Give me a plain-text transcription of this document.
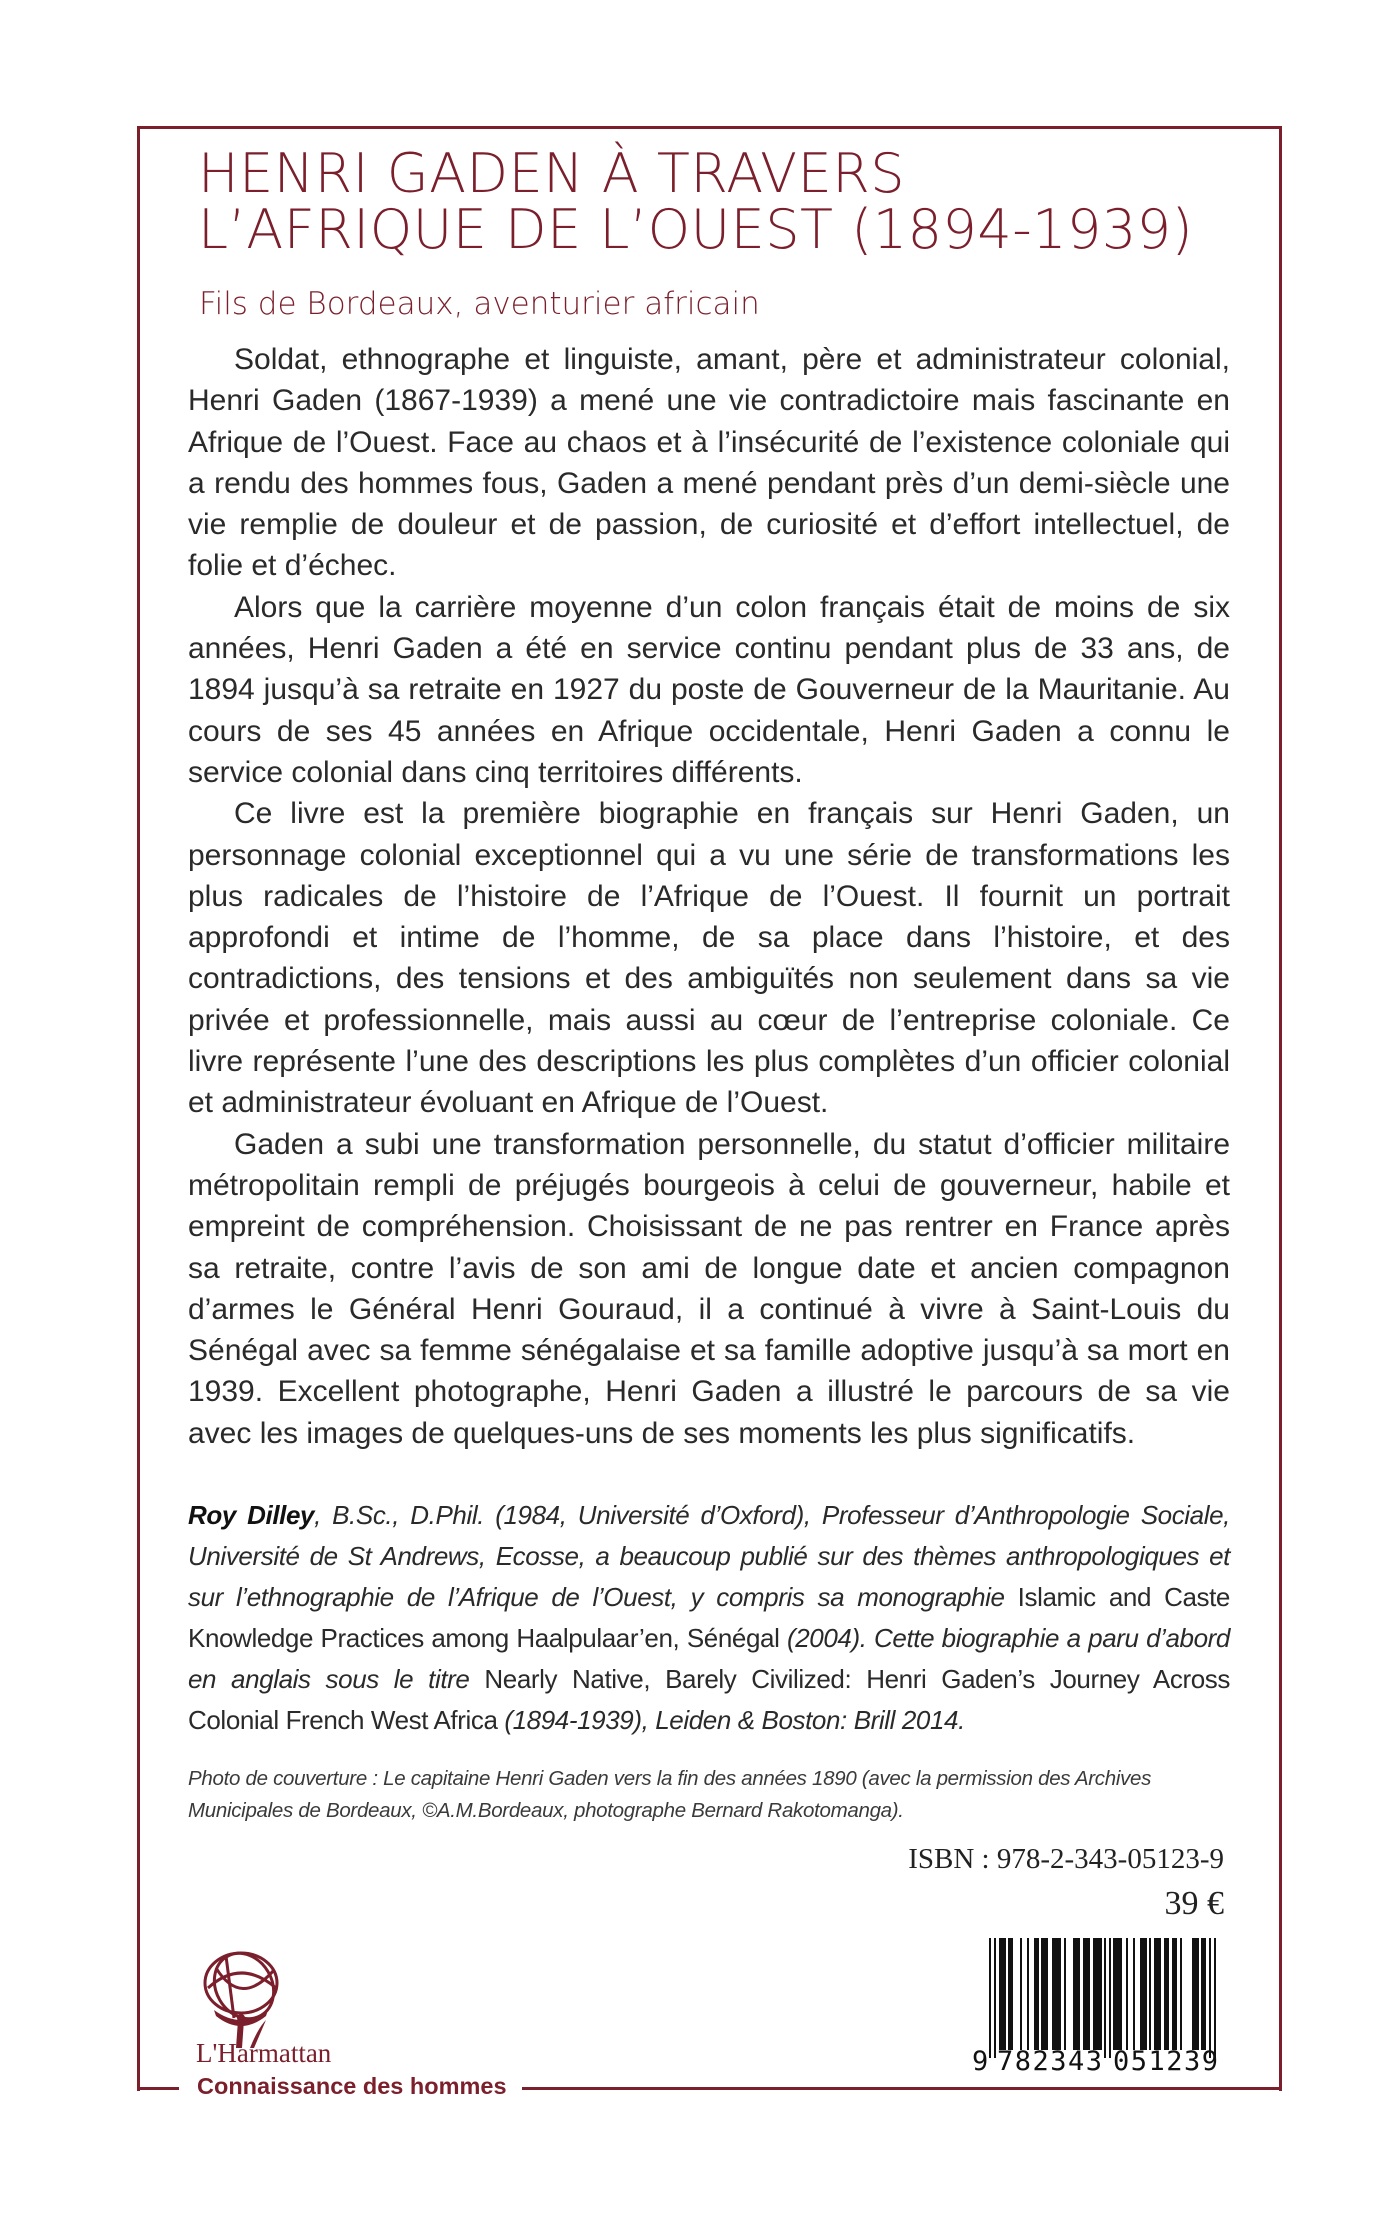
HENRI GADEN À TRAVERS
L’AFRIQUE DE L’OUEST (1894-1939)
Fils de Bordeaux, aventurier africain

Soldat, ethnographe et linguiste, amant, père et administrateur colonial, Henri Gaden (1867-1939) a mené une vie contradictoire mais fascinante en Afrique de l’Ouest. Face au chaos et à l’insécurité de l’existence coloniale qui a rendu des hommes fous, Gaden a mené pendant près d’un demi-siècle une vie remplie de douleur et de passion, de curiosité et d’effort intellectuel, de folie et d’échec.

Alors que la carrière moyenne d’un colon français était de moins de six années, Henri Gaden a été en service continu pendant plus de 33 ans, de 1894 jusqu’à sa retraite en 1927 du poste de Gouverneur de la Mauritanie. Au cours de ses 45 années en Afrique occidentale, Henri Gaden a connu le service colonial dans cinq territoires différents.

Ce livre est la première biographie en français sur Henri Gaden, un personnage colonial exceptionnel qui a vu une série de transformations les plus radicales de l’histoire de l’Afrique de l’Ouest. Il fournit un portrait approfondi et intime de l’homme, de sa place dans l’histoire, et des contradictions, des tensions et des ambiguïtés non seulement dans sa vie privée et professionnelle, mais aussi au cœur de l’entreprise coloniale. Ce livre représente l’une des descriptions les plus complètes d’un officier colonial et administrateur évoluant en Afrique de l’Ouest.

Gaden a subi une transformation personnelle, du statut d’officier militaire métropolitain rempli de préjugés bourgeois à celui de gouverneur, habile et empreint de compréhension. Choisissant de ne pas rentrer en France après sa retraite, contre l’avis de son ami de longue date et ancien compagnon d’armes le Général Henri Gouraud, il a continué à vivre à Saint-Louis du Sénégal avec sa femme sénégalaise et sa famille adoptive jusqu’à sa mort en 1939. Excellent photographe, Henri Gaden a illustré le parcours de sa vie avec les images de quelques-uns de ses moments les plus significatifs.

Roy Dilley, B.Sc., D.Phil. (1984, Université d’Oxford), Professeur d’Anthropologie Sociale, Université de St Andrews, Ecosse, a beaucoup publié sur des thèmes anthropologiques et sur l’ethnographie de l’Afrique de l’Ouest, y compris sa monographie Islamic and Caste Knowledge Practices among Haalpulaar’en, Sénégal (2004). Cette biographie a paru d’abord en anglais sous le titre Nearly Native, Barely Civilized: Henri Gaden’s Journey Across Colonial French West Africa (1894-1939), Leiden & Boston: Brill 2014.
Photo de couverture : Le capitaine Henri Gaden vers la fin des années 1890 (avec la permission des Archives Municipales de Bordeaux, ©A.M.Bordeaux, photographe Bernard Rakotomanga).
ISBN : 978-2-343-05123-9
39 €
9 782343 051239
L'Harmattan
Connaissance des hommes
